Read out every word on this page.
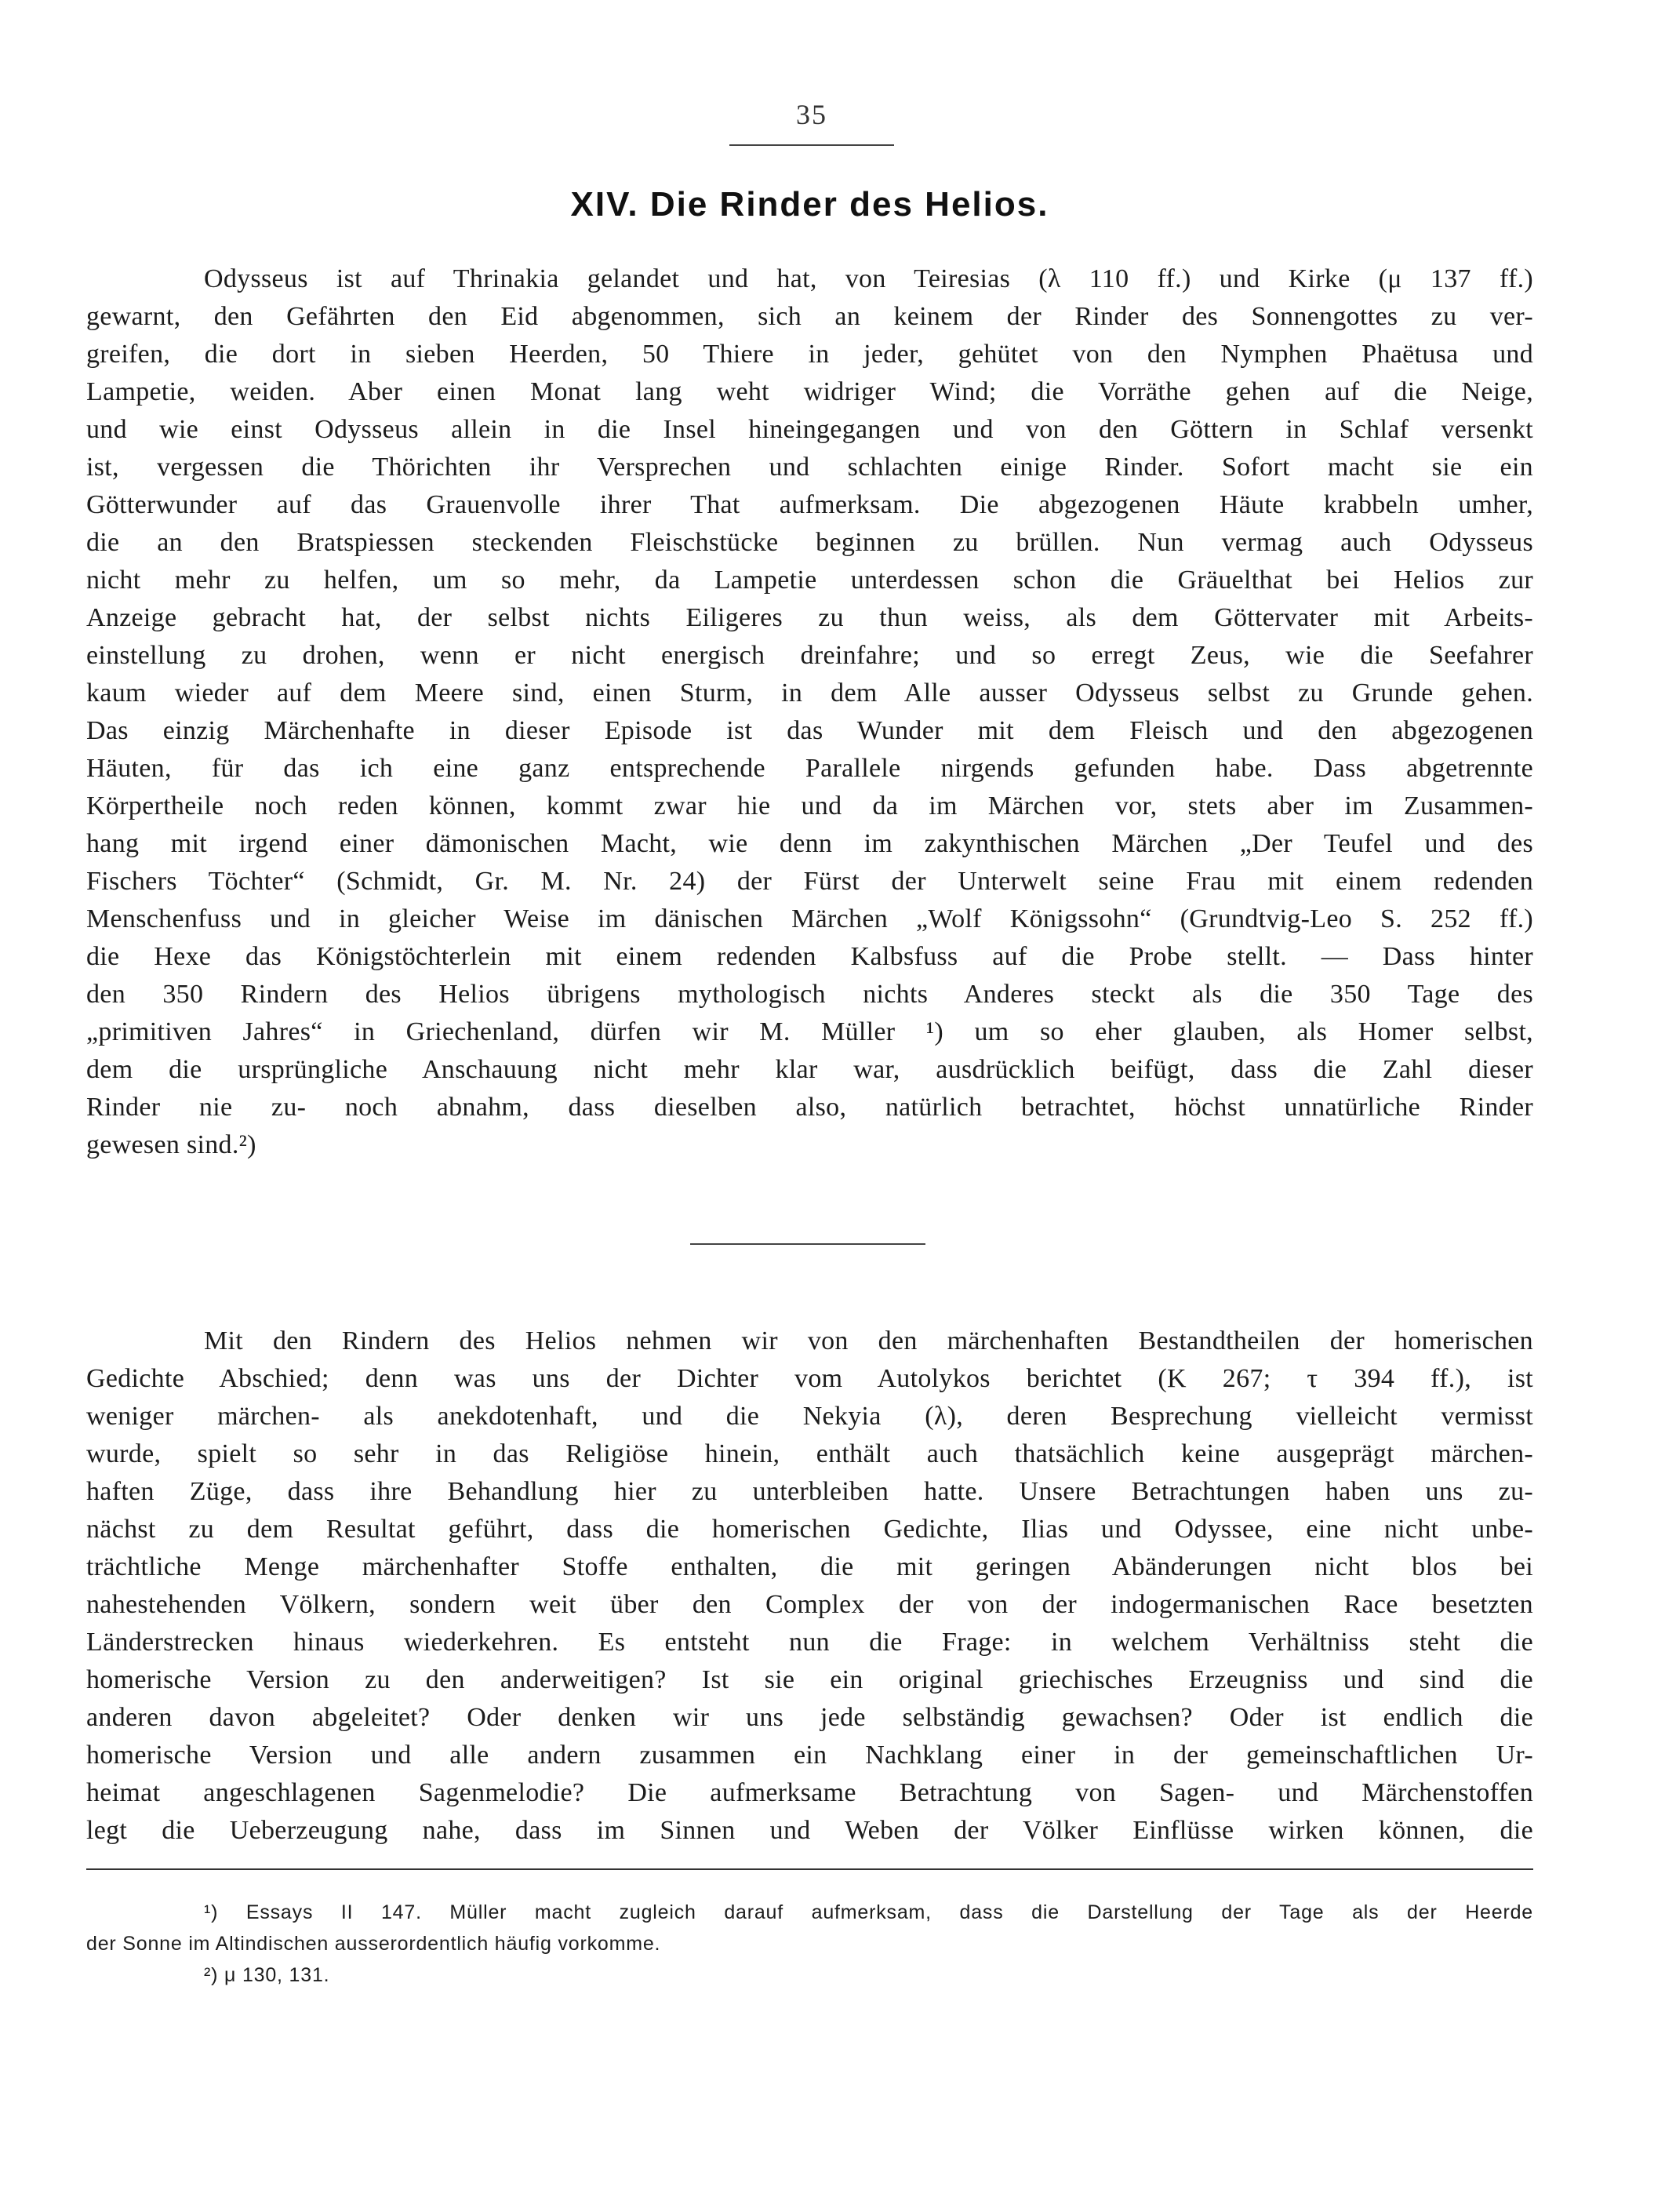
35
XIV. Die Rinder des Helios.
Odysseus ist auf Thrinakia gelandet und hat, von Teiresias (λ 110 ff.) und Kirke (μ 137 ff.)
gewarnt, den Gefährten den Eid abgenommen, sich an keinem der Rinder des Sonnengottes zu ver-
greifen, die dort in sieben Heerden, 50 Thiere in jeder, gehütet von den Nymphen Phaëtusa und
Lampetie, weiden. Aber einen Monat lang weht widriger Wind; die Vorräthe gehen auf die Neige,
und wie einst Odysseus allein in die Insel hineingegangen und von den Göttern in Schlaf versenkt
ist, vergessen die Thörichten ihr Versprechen und schlachten einige Rinder. Sofort macht sie ein
Götterwunder auf das Grauenvolle ihrer That aufmerksam. Die abgezogenen Häute krabbeln umher,
die an den Bratspiessen steckenden Fleischstücke beginnen zu brüllen. Nun vermag auch Odysseus
nicht mehr zu helfen, um so mehr, da Lampetie unterdessen schon die Gräuelthat bei Helios zur
Anzeige gebracht hat, der selbst nichts Eiligeres zu thun weiss, als dem Göttervater mit Arbeits-
einstellung zu drohen, wenn er nicht energisch dreinfahre; und so erregt Zeus, wie die Seefahrer
kaum wieder auf dem Meere sind, einen Sturm, in dem Alle ausser Odysseus selbst zu Grunde gehen.
Das einzig Märchenhafte in dieser Episode ist das Wunder mit dem Fleisch und den abgezogenen
Häuten, für das ich eine ganz entsprechende Parallele nirgends gefunden habe. Dass abgetrennte
Körpertheile noch reden können, kommt zwar hie und da im Märchen vor, stets aber im Zusammen-
hang mit irgend einer dämonischen Macht, wie denn im zakynthischen Märchen „Der Teufel und des
Fischers Töchter“ (Schmidt, Gr. M. Nr. 24) der Fürst der Unterwelt seine Frau mit einem redenden
Menschenfuss und in gleicher Weise im dänischen Märchen „Wolf Königssohn“ (Grundtvig-Leo S. 252 ff.)
die Hexe das Königstöchterlein mit einem redenden Kalbsfuss auf die Probe stellt. — Dass hinter
den 350 Rindern des Helios übrigens mythologisch nichts Anderes steckt als die 350 Tage des
„primitiven Jahres“ in Griechenland, dürfen wir M. Müller ¹) um so eher glauben, als Homer selbst,
dem die ursprüngliche Anschauung nicht mehr klar war, ausdrücklich beifügt, dass die Zahl dieser
Rinder nie zu- noch abnahm, dass dieselben also, natürlich betrachtet, höchst unnatürliche Rinder
gewesen sind.²)
Mit den Rindern des Helios nehmen wir von den märchenhaften Bestandtheilen der homerischen
Gedichte Abschied; denn was uns der Dichter vom Autolykos berichtet (Κ 267; τ 394 ff.), ist
weniger märchen- als anekdotenhaft, und die Nekyia (λ), deren Besprechung vielleicht vermisst
wurde, spielt so sehr in das Religiöse hinein, enthält auch thatsächlich keine ausgeprägt märchen-
haften Züge, dass ihre Behandlung hier zu unterbleiben hatte. Unsere Betrachtungen haben uns zu-
nächst zu dem Resultat geführt, dass die homerischen Gedichte, Ilias und Odyssee, eine nicht unbe-
trächtliche Menge märchenhafter Stoffe enthalten, die mit geringen Abänderungen nicht blos bei
nahestehenden Völkern, sondern weit über den Complex der von der indogermanischen Race besetzten
Länderstrecken hinaus wiederkehren. Es entsteht nun die Frage: in welchem Verhältniss steht die
homerische Version zu den anderweitigen? Ist sie ein original griechisches Erzeugniss und sind die
anderen davon abgeleitet? Oder denken wir uns jede selbständig gewachsen? Oder ist endlich die
homerische Version und alle andern zusammen ein Nachklang einer in der gemeinschaftlichen Ur-
heimat angeschlagenen Sagenmelodie? Die aufmerksame Betrachtung von Sagen- und Märchenstoffen
legt die Ueberzeugung nahe, dass im Sinnen und Weben der Völker Einflüsse wirken können, die
¹) Essays II 147. Müller macht zugleich darauf aufmerksam, dass die Darstellung der Tage als der Heerde
der Sonne im Altindischen ausserordentlich häufig vorkomme.
²) μ 130, 131.
